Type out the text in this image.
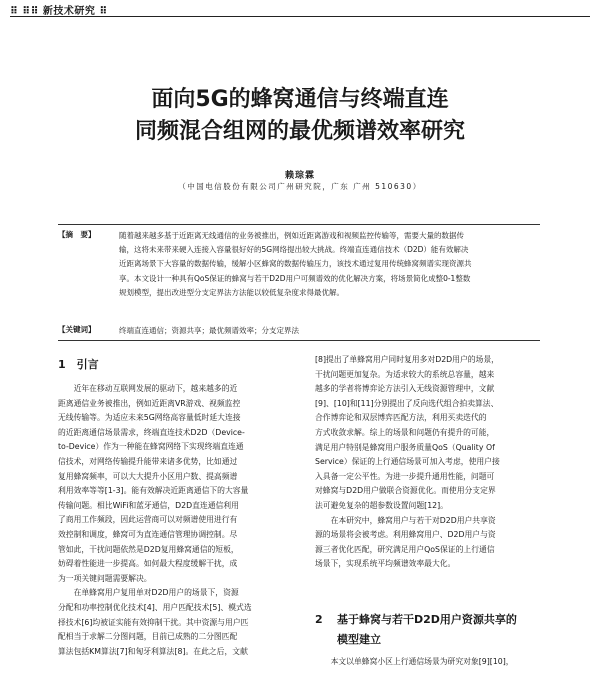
⠿ ⠿⠿ 新技术研究 ⠿
面向5G的蜂窝通信与终端直连
同频混合组网的最优频谱效率研究
赖琮霖
（中国电信股份有限公司广州研究院，广东 广州 510630）
【摘　要】	随着越来越多基于近距离无线通信的业务被推出，例如近距离游戏和视频监控传输等，需要大量的数据传
输，这将未来带来硬入连接入容量很好好的5G网络提出较大挑战。终端直连通信技术（D2D）能有效解决
近距离场景下大容量的数据传输，缓解小区蜂窝的数据传输压力，该技术通过复用传统蜂窝频谱实现资源共
享。本文设计一种具有QoS保证的蜂窝与若干D2D用户可频谱效的优化解决方案，将场景简化成整0-1整数
规划模型，提出改进型分支定界法方法能以较低复杂度求得最优解。
【关键词】	终端直连通信；资源共享；最优频谱效率；分支定界法
1　引言
　　近年在移动互联网发展的驱动下，越来越多的近
距离通信业务被推出，例如近距离VR游戏、视频监控
无线传输等。为适应未来5G网络高容量低时延大连接
的近距离通信场景需求，终端直连技术D2D（Device-
to-Device）作为一种能在蜂窝网络下实现终端直连通
信技术，对网络传输提升能带来诸多优势，比如通过
复用蜂窝频率，可以大大提升小区用户数、提高频谱
利用效率等等[1-3]。能有效解决近距离通信下的大容量
传输问题。相比WiFi和蓝牙通信，D2D直连通信利用
了商用工作频段，因此运营商可以对频谱使用进行有
效控制和调度，蜂窝可为直连通信管理协调控制。尽
管如此，干扰问题依然是D2D复用蜂窝通信的短板，
妨碍着性能进一步提高。如何最大程度缓解干扰，成
为一项关键问题需要解决。
　　在单蜂窝用户复用单对D2D用户的场景下，资源
分配和功率控制优化技术[4]、用户匹配技术[5]、模式选
择技术[6]均被证实能有效抑制干扰。其中资源与用户匹
配相当于求解二分图问题，目前已成熟的二分图匹配
算法包括KM算法[7]和匈牙利算法[8]。在此之后，文献
[8]提出了单蜂窝用户同时复用多对D2D用户的场景，
干扰问题更加复杂。为适求较大的系统总容量，越来
越多的学者将博弈论方法引入无线资源管理中，文献
[9]、[10]和[11]分别提出了反向选代组合拍卖算法、
合作博弈论和双层博弈匹配方法，利用买卖迭代的
方式收敛求解。综上的场景和问题仍有提升的可能，
满足用户特别是蜂窝用户服务质量QoS（Quality Of
Service）保证的上行通信场景可加入考虑，使用户接
入具备一定公平性。为进一步提升通用性能，问题可
对蜂窝与D2D用户做联合资源优化。而使用分支定界
法可避免复杂的超参数设置问题[12]。
　　在本研究中，蜂窝用户与若干对D2D用户共享资
源的场景将会被考虑。利用蜂窝用户、D2D用户与资
源三者优化匹配，研究满足用户QoS保证的上行通信
场景下，实现系统平均频谱效率最大化。
2 基于蜂窝与若干D2D用户资源共享的
模型建立
　　本文以单蜂窝小区上行通信场景为研究对象[9][10]，
